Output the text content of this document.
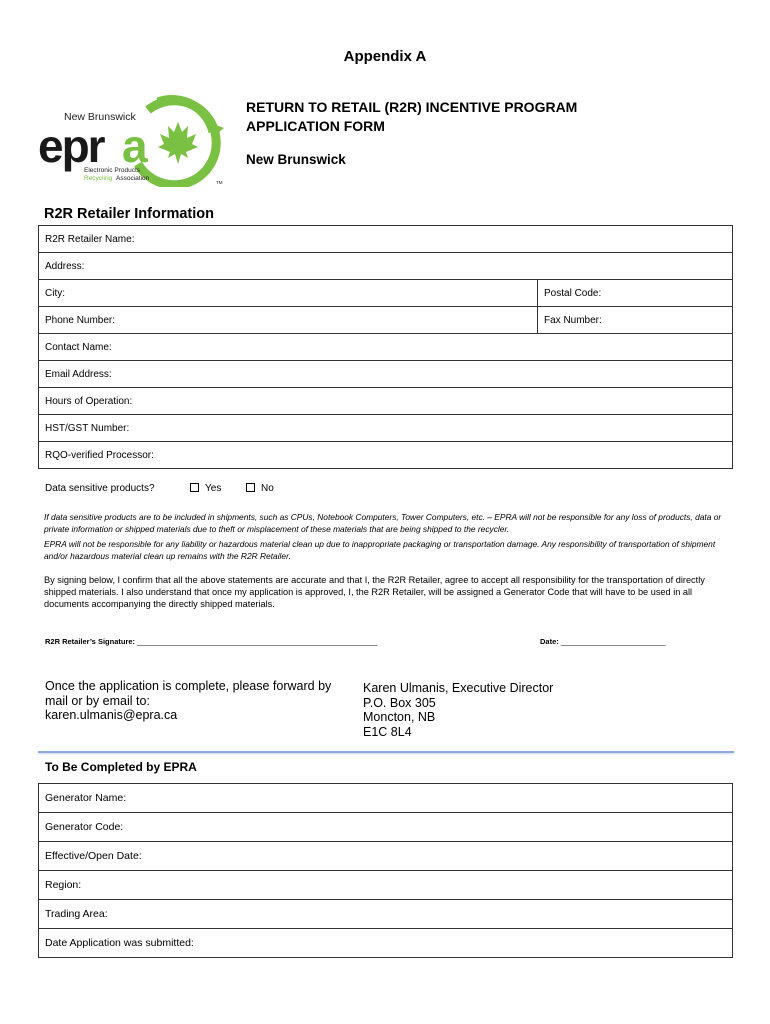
Appendix A
New Brunswick
epr a
Electronic Products
Recycling Association
TM
RETURN TO RETAIL (R2R) INCENTIVE PROGRAM
APPLICATION FORM
New Brunswick
R2R Retailer Information
R2R Retailer Name:	
Address:	
City:	Postal Code:
Phone Number:	Fax Number:
Contact Name:	
Email Address:	
Hours of Operation:	
HST/GST Number:	
RQO-verified Processor:	
Data sensitive products?	Yes	No
If data sensitive products are to be included in shipments, such as CPUs, Notebook Computers, Tower Computers, etc. – EPRA will not be responsible for any loss of products, data or private information or shipped materials due to theft or misplacement of these materials that are being shipped to the recycler.
EPRA will not be responsible for any liability or hazardous material clean up due to inappropriate packaging or transportation damage. Any responsibility of transportation of shipment and/or hazardous material clean up remains with the R2R Retailer.
By signing below, I confirm that all the above statements are accurate and that I, the R2R Retailer, agree to accept all responsibility for the transportation of directly shipped materials. I also understand that once my application is approved, I, the R2R Retailer, will be assigned a Generator Code that will have to be used in all documents accompanying the directly shipped materials.
R2R Retailer’s Signature: ______________________________________________________________	Date: ___________________________
Once the application is complete, please forward by mail or by email to:
karen.ulmanis@epra.ca
Karen Ulmanis, Executive Director
P.O. Box 305
Moncton, NB
E1C 8L4
To Be Completed by EPRA
Generator Name:
Generator Code:
Effective/Open Date:
Region:
Trading Area:
Date Application was submitted:
